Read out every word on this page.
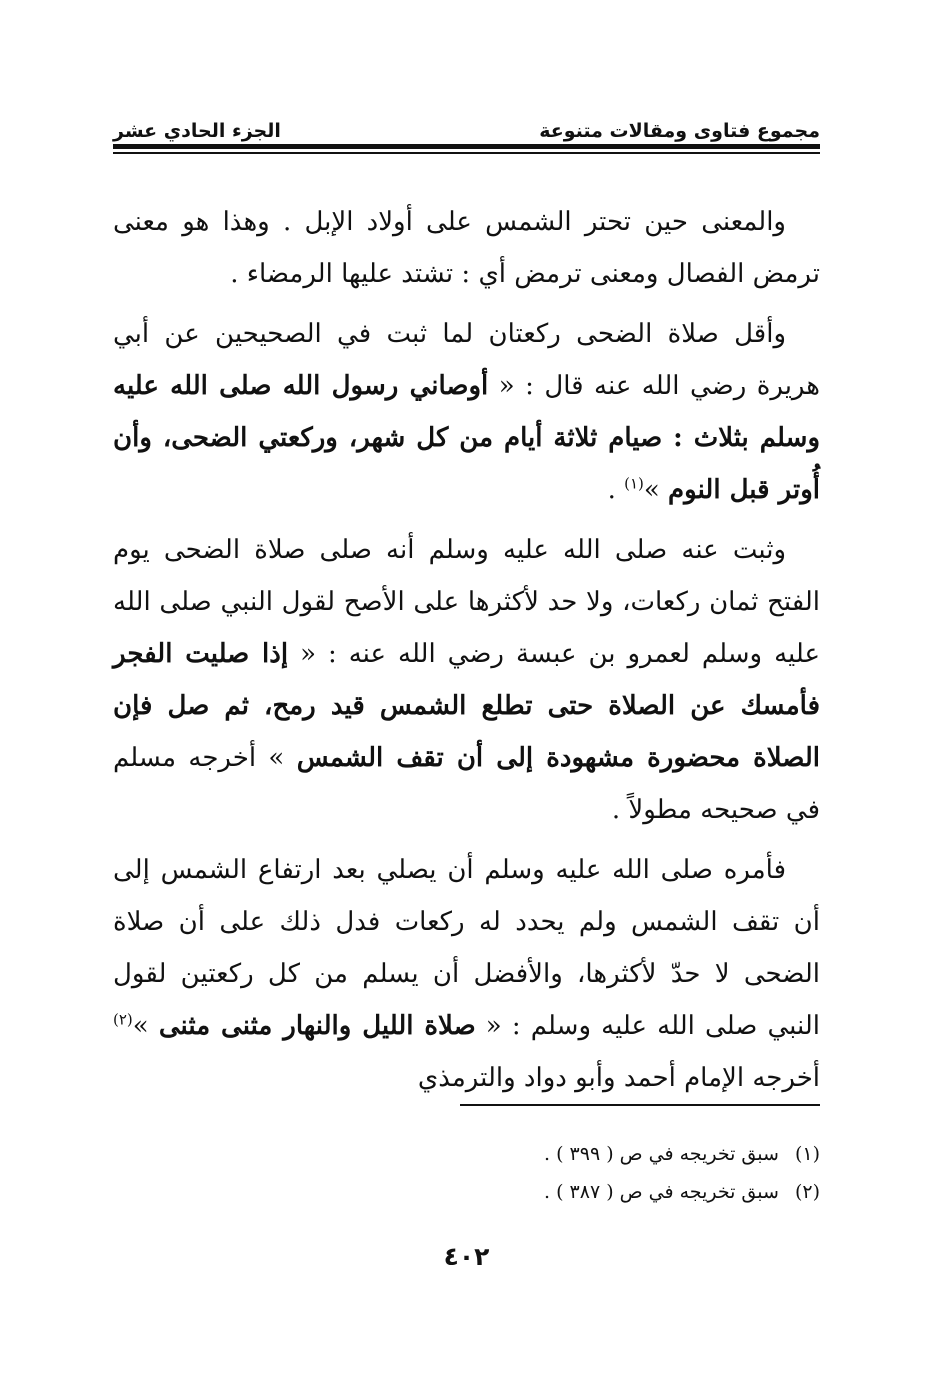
مجموع فتاوى ومقالات متنوعة
الجزء الحادي عشر

والمعنى حين تحتر الشمس على أولاد الإبل . وهذا هو معنى ترمض الفصال ومعنى ترمض أي : تشتد عليها الرمضاء .

وأقل صلاة الضحى ركعتان لما ثبت في الصحيحين عن أبي هريرة رضي الله عنه قال : « أوصاني رسول الله صلى الله عليه وسلم بثلاث : صيام ثلاثة أيام من كل شهر، وركعتي الضحى، وأن أُوتر قبل النوم »$^{(١)}$ .

وثبت عنه صلى الله عليه وسلم أنه صلى صلاة الضحى يوم الفتح ثمان ركعات، ولا حد لأكثرها على الأصح لقول النبي صلى الله عليه وسلم لعمرو بن عبسة رضي الله عنه : « إذا صليت الفجر فأمسك عن الصلاة حتى تطلع الشمس قيد رمح، ثم صل فإن الصلاة محضورة مشهودة إلى أن تقف الشمس » أخرجه مسلم في صحيحه مطولاً .

فأمره صلى الله عليه وسلم أن يصلي بعد ارتفاع الشمس إلى أن تقف الشمس ولم يحدد له ركعات فدل ذلك على أن صلاة الضحى لا حدّ لأكثرها، والأفضل أن يسلم من كل ركعتين لقول النبي صلى الله عليه وسلم : « صلاة الليل والنهار مثنى مثنى »$^{(٢)}$ أخرجه الإمام أحمد وأبو دواد والترمذي

(١)
سبق تخريجه في ص ( ٣٩٩ ) .
(٢)
سبق تخريجه في ص ( ٣٨٧ ) .
٤٠٢
